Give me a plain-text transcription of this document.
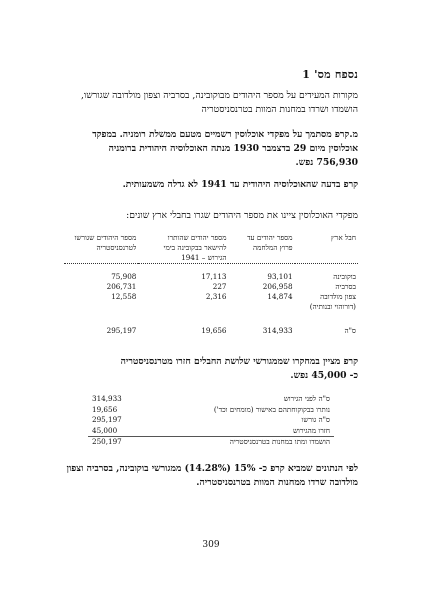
נספח מס' 1
מקורות המעידים על מספר היהודים מבוקובינה, בסרביה וצפון מולדובה שגורשו, הושמדו ושרדו במחנות המוות בטרנסניסטריה
מ.קרפ מסתמך על מפקדי אוכלוסין רשמיים מטעם ממשלת רומניה. במפקד אוכלוסין מיום 29 בדצמבר 1930 מנתה האוכלוסיה היהודית ברומניה 756,930 נפש.
קרפ בדעה שהאוכלוסיה היהודית עד 1941 לא גדלה משמעותית.
מפקדי האוכלוסין ציינו את מספר היהודים שגרו בחבלי ארץ שונים:
חבל ארץ	מספר יהודים עד פרוץ המלחמה	מספר יהודים שהותרו להישאר בבקובינה בימי הגירוש – 1941	מספר היהודים שגורשו לטרנסניסטריה

בוקובינה	93,101	17,113	75,908
בסרביה	206,958	227	206,731

צפון מולדובה
(דורוהוי ובנותיה)	14,874	2,316	12,558

ס"ה	314,933	19,656	295,197
קרפ מציין במחקרו שממגורשי שלושת החבלים חזרו מטרנסניסטריה
כ- 45,000 נפש.
ס"ה לפני הגירוש	314,933
נותרו בבקוקוחתהם באישור (מומחים וכד')	19,656
ס"ה גורשו	295,197
חזרו מהגירוש	45,000
הושמדו ומתו במחנות בטרנסניסטריה	250,197
לפי הנתונים שמביא קרפ כ- 15% (14.28%) ממגורשי בוקובינה, בסרביה וצפון מולדובה שרדו ממחנות המוות בטרנסניסטריה.
309
